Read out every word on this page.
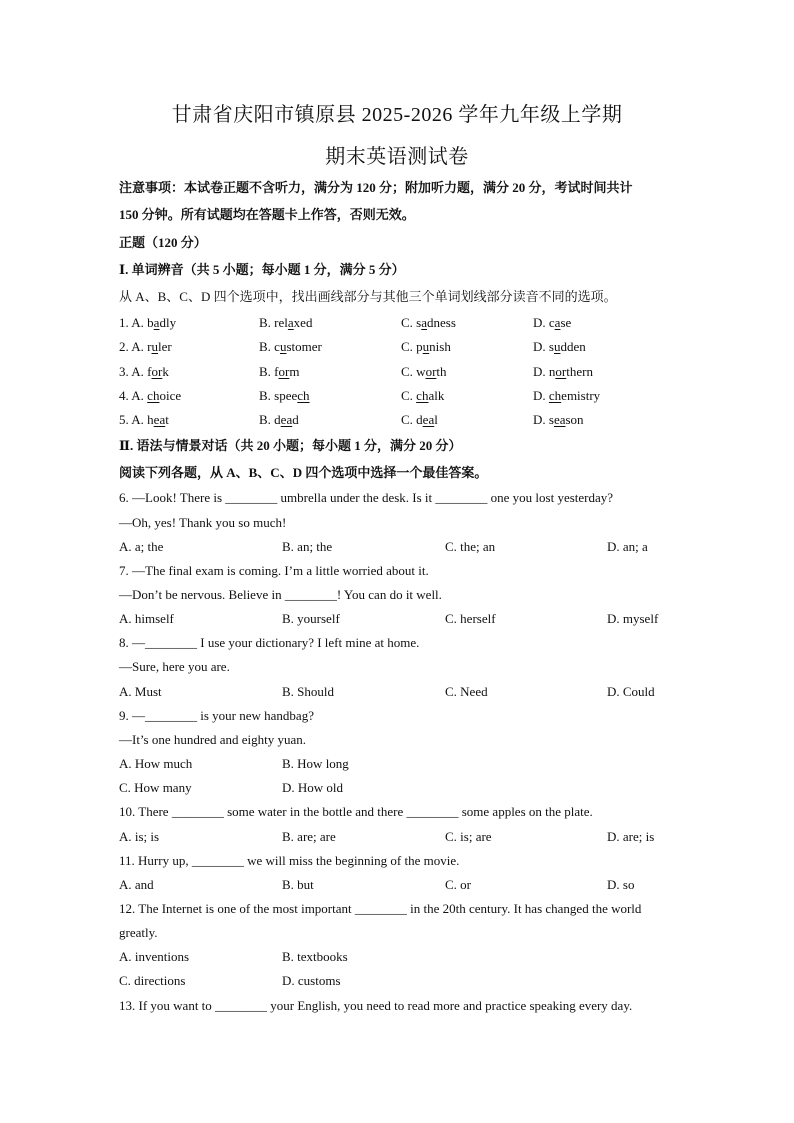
甘肃省庆阳市镇原县 2025-2026 学年九年级上学期
期末英语测试卷
注意事项：本试卷正题不含听力，满分为 120 分；附加听力题，满分 20 分，考试时间共计
150 分钟。所有试题均在答题卡上作答，否则无效。
正题（120 分）
Ⅰ. 单词辨音（共 5 小题；每小题 1 分，满分 5 分）
从 A、B、C、D 四个选项中，找出画线部分与其他三个单词划线部分读音不同的选项。
1. A. badly	B. relaxed	C. sadness	D. case
2. A. ruler	B. customer	C. punish	D. sudden
3. A. fork	B. form	C. worth	D. northern
4. A. choice	B. speech	C. chalk	D. chemistry
5. A. heat	B. dead	C. deal	D. season
Ⅱ. 语法与情景对话（共 20 小题；每小题 1 分，满分 20 分）
阅读下列各题，从 A、B、C、D 四个选项中选择一个最佳答案。
6. —Look! There is ________ umbrella under the desk. Is it ________ one you lost yesterday?
—Oh, yes! Thank you so much!
A. a; the	B. an; the	C. the; an	D. an; a
7. —The final exam is coming. I’m a little worried about it.
—Don’t be nervous. Believe in ________! You can do it well.
A. himself	B. yourself	C. herself	D. myself
8. —________ I use your dictionary? I left mine at home.
—Sure, here you are.
A. Must	B. Should	C. Need	D. Could
9. —________ is your new handbag?
—It’s one hundred and eighty yuan.
A. How much	B. How long
C. How many	D. How old
10. There ________ some water in the bottle and there ________ some apples on the plate.
A. is; is	B. are; are	C. is; are	D. are; is
11. Hurry up, ________ we will miss the beginning of the movie.
A. and	B. but	C. or	D. so
12. The Internet is one of the most important ________ in the 20th century. It has changed the world
greatly.
A. inventions	B. textbooks
C. directions	D. customs
13. If you want to ________ your English, you need to read more and practice speaking every day.
